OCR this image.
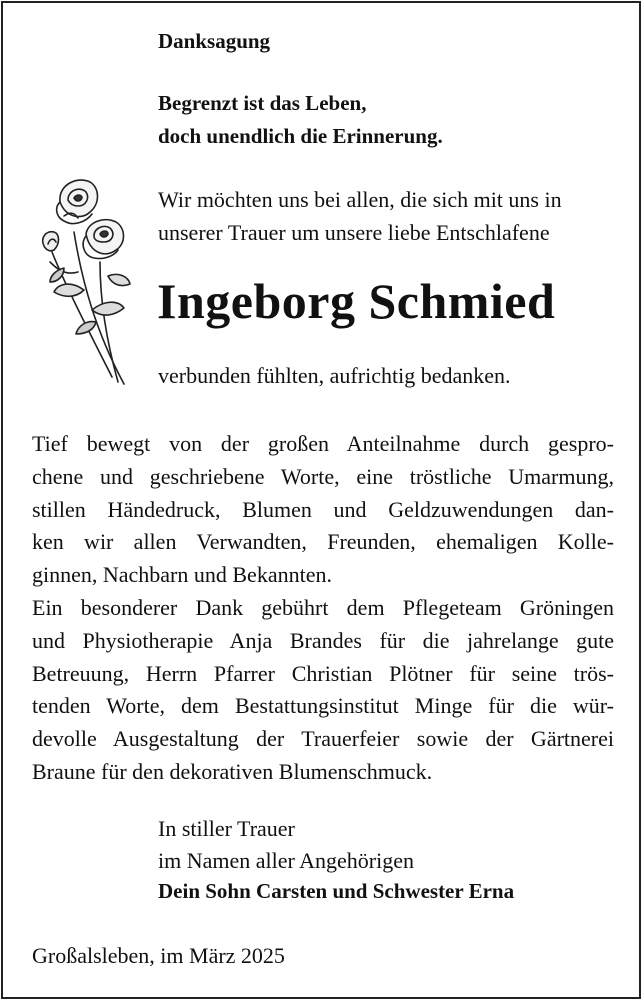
Danksagung
Begrenzt ist das Leben,
doch unendlich die Erinnerung.
Wir möchten uns bei allen, die sich mit uns in
unserer Trauer um unsere liebe Entschlafene
Ingeborg Schmied
verbunden fühlten, aufrichtig bedanken.
Tief bewegt von der großen Anteilnahme durch gespro-
chene und geschriebene Worte, eine tröstliche Umarmung,
stillen Händedruck, Blumen und Geldzuwendungen dan-
ken wir allen Verwandten, Freunden, ehemaligen Kolle-
ginnen, Nachbarn und Bekannten.
Ein besonderer Dank gebührt dem Pflegeteam Gröningen
und Physiotherapie Anja Brandes für die jahrelange gute
Betreuung, Herrn Pfarrer Christian Plötner für seine trös-
tenden Worte, dem Bestattungsinstitut Minge für die wür-
devolle Ausgestaltung der Trauerfeier sowie der Gärtnerei
Braune für den dekorativen Blumenschmuck.
In stiller Trauer
im Namen aller Angehörigen
Dein Sohn Carsten und Schwester Erna
Großalsleben, im März 2025
